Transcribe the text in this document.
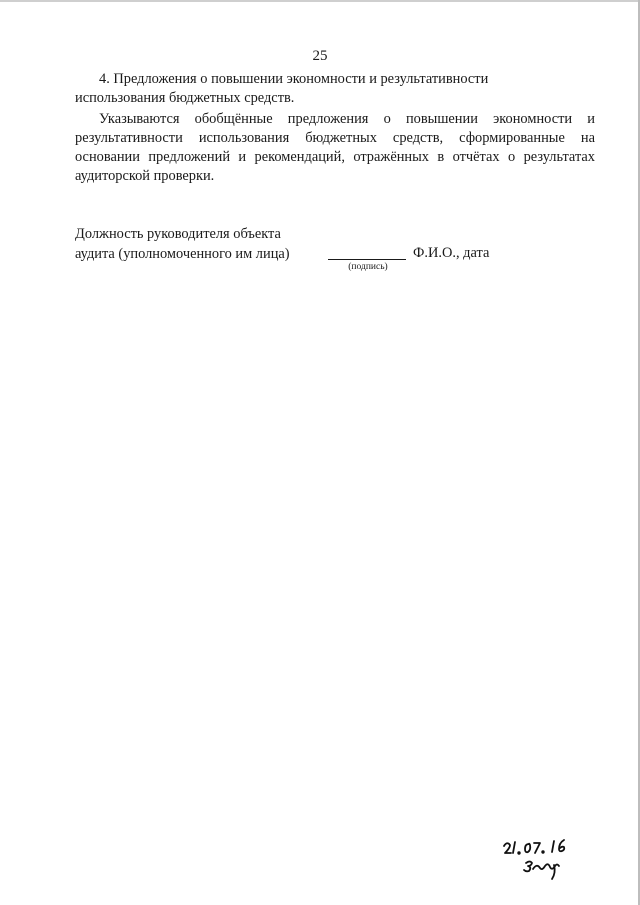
25
4. Предложения о повышении экономности и результативности использования бюджетных средств.
Указываются обобщённые предложения о повышении экономности и результативности использования бюджетных средств, сформированные на основании предложений и рекомендаций, отражённых в отчётах о результатах аудиторской проверки.
Должность руководителя объекта
аудита (уполномоченного им лица)
(подпись)
Ф.И.О., дата
